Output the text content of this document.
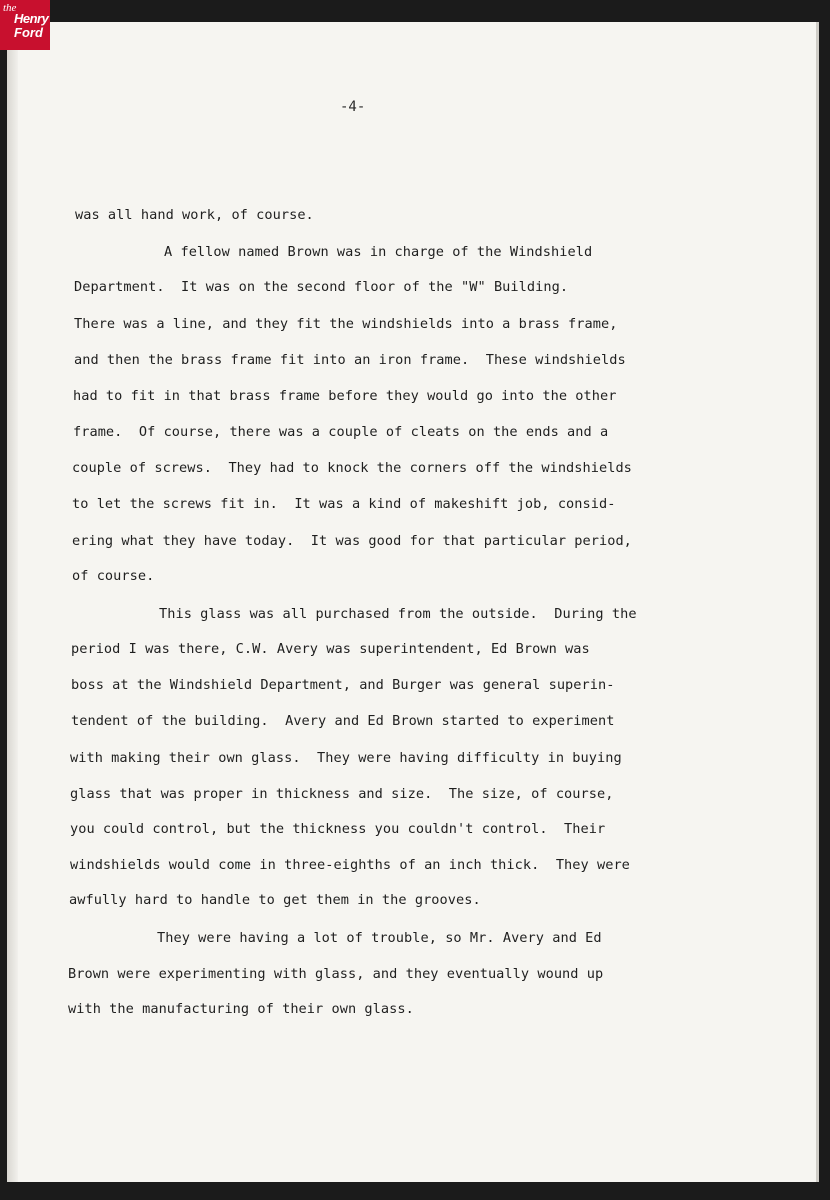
the
Henry
Ford
-4-
was all hand work, of course.
A fellow named Brown was in charge of the Windshield
Department.  It was on the second floor of the "W" Building.
There was a line, and they fit the windshields into a brass frame,
and then the brass frame fit into an iron frame.  These windshields
had to fit in that brass frame before they would go into the other
frame.  Of course, there was a couple of cleats on the ends and a
couple of screws.  They had to knock the corners off the windshields
to let the screws fit in.  It was a kind of makeshift job, consid-
ering what they have today.  It was good for that particular period,
of course.
This glass was all purchased from the outside.  During the
period I was there, C.W. Avery was superintendent, Ed Brown was
boss at the Windshield Department, and Burger was general superin-
tendent of the building.  Avery and Ed Brown started to experiment
with making their own glass.  They were having difficulty in buying
glass that was proper in thickness and size.  The size, of course,
you could control, but the thickness you couldn't control.  Their
windshields would come in three-eighths of an inch thick.  They were
awfully hard to handle to get them in the grooves.
They were having a lot of trouble, so Mr. Avery and Ed
Brown were experimenting with glass, and they eventually wound up
with the manufacturing of their own glass.
